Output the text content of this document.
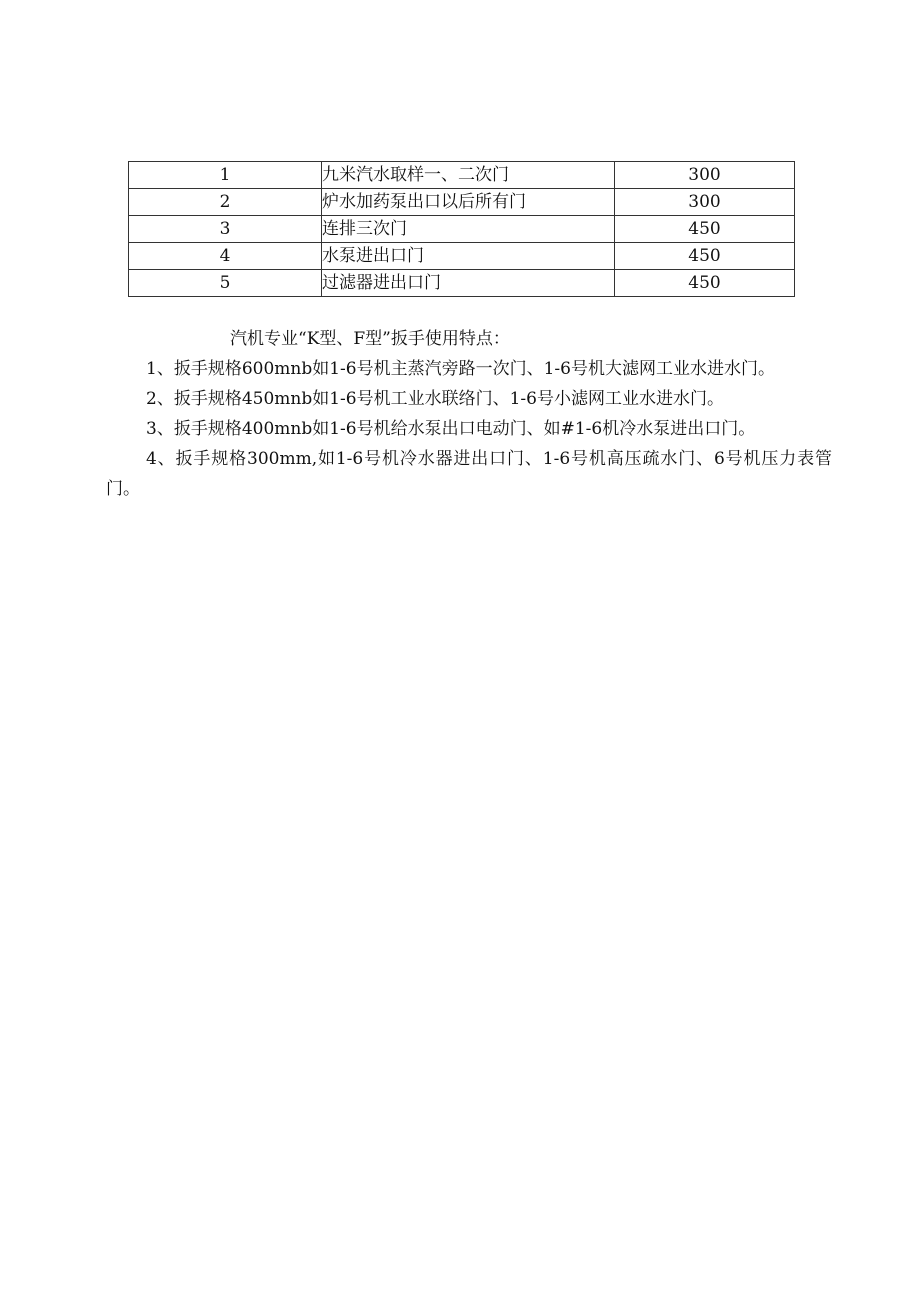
1	九米汽水取样一、二次门	300
2	炉水加药泵出口以后所有门	300
3	连排三次门	450
4	水泵进出口门	450
5	过滤器进出口门	450

汽机专业“K型、F型”扳手使用特点：

1、扳手规格600mnb如1-6号机主蒸汽旁路一次门、1-6号机大滤网工业水进水门。

2、扳手规格450mnb如1-6号机工业水联络门、1-6号小滤网工业水进水门。

3、扳手规格400mnb如1-6号机给水泵出口电动门、如#1-6机冷水泵进出口门。

4、扳手规格300mm,如1-6号机冷水器进出口门、1-6号机高压疏水门、6号机压力表管门。
